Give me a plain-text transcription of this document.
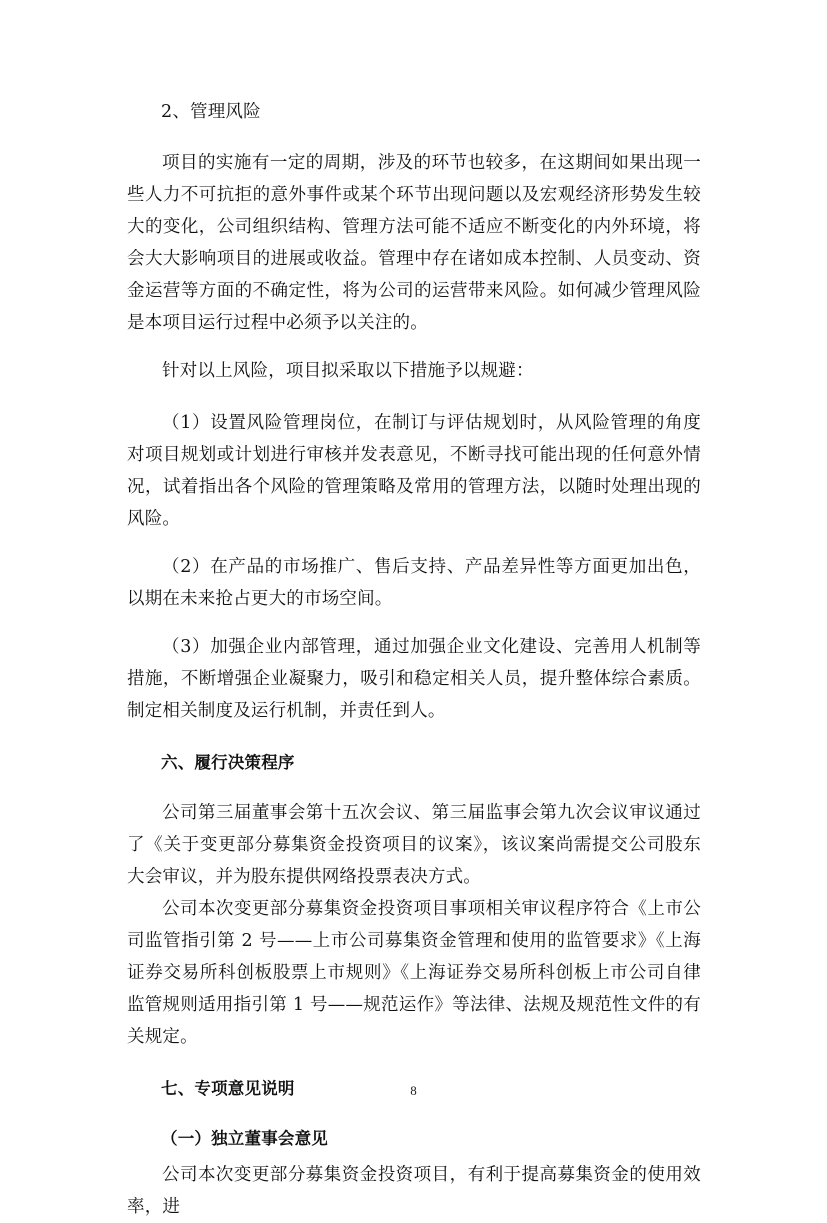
2、管理风险

项目的实施有一定的周期，涉及的环节也较多，在这期间如果出现一些人力不可抗拒的意外事件或某个环节出现问题以及宏观经济形势发生较大的变化，公司组织结构、管理方法可能不适应不断变化的内外环境，将会大大影响项目的进展或收益。管理中存在诸如成本控制、人员变动、资金运营等方面的不确定性，将为公司的运营带来风险。如何减少管理风险是本项目运行过程中必须予以关注的。

针对以上风险，项目拟采取以下措施予以规避：

（1）设置风险管理岗位，在制订与评估规划时，从风险管理的角度对项目规划或计划进行审核并发表意见，不断寻找可能出现的任何意外情况，试着指出各个风险的管理策略及常用的管理方法，以随时处理出现的风险。

（2）在产品的市场推广、售后支持、产品差异性等方面更加出色，以期在未来抢占更大的市场空间。

（3）加强企业内部管理，通过加强企业文化建设、完善用人机制等措施，不断增强企业凝聚力，吸引和稳定相关人员，提升整体综合素质。制定相关制度及运行机制，并责任到人。

六、履行决策程序

公司第三届董事会第十五次会议、第三届监事会第九次会议审议通过了《关于变更部分募集资金投资项目的议案》，该议案尚需提交公司股东大会审议，并为股东提供网络投票表决方式。

公司本次变更部分募集资金投资项目事项相关审议程序符合《上市公司监管指引第 2 号——上市公司募集资金管理和使用的监管要求》《上海证券交易所科创板股票上市规则》《上海证券交易所科创板上市公司自律监管规则适用指引第 1 号——规范运作》等法律、法规及规范性文件的有关规定。

七、专项意见说明

（一）独立董事会意见

公司本次变更部分募集资金投资项目，有利于提高募集资金的使用效率，进

8
